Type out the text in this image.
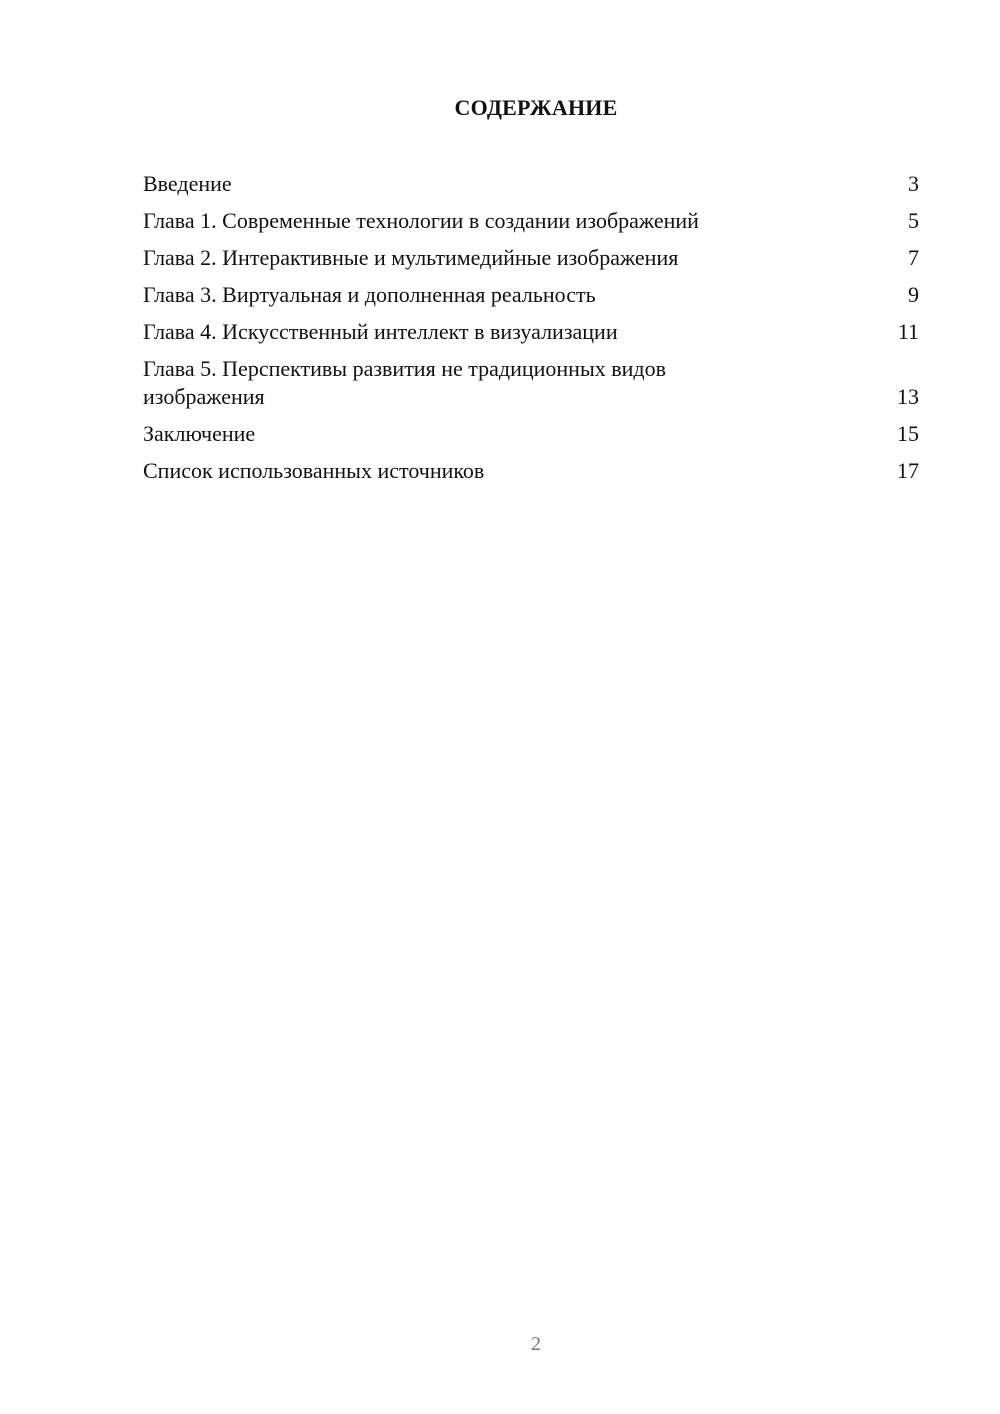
СОДЕРЖАНИЕ
Введение	3
Глава 1. Современные технологии в создании изображений	5
Глава 2. Интерактивные и мультимедийные изображения	7
Глава 3. Виртуальная и дополненная реальность	9
Глава 4. Искусственный интеллект в визуализации	11
Глава 5. Перспективы развития не традиционных видов изображения	13
Заключение	15
Список использованных источников	17
2
